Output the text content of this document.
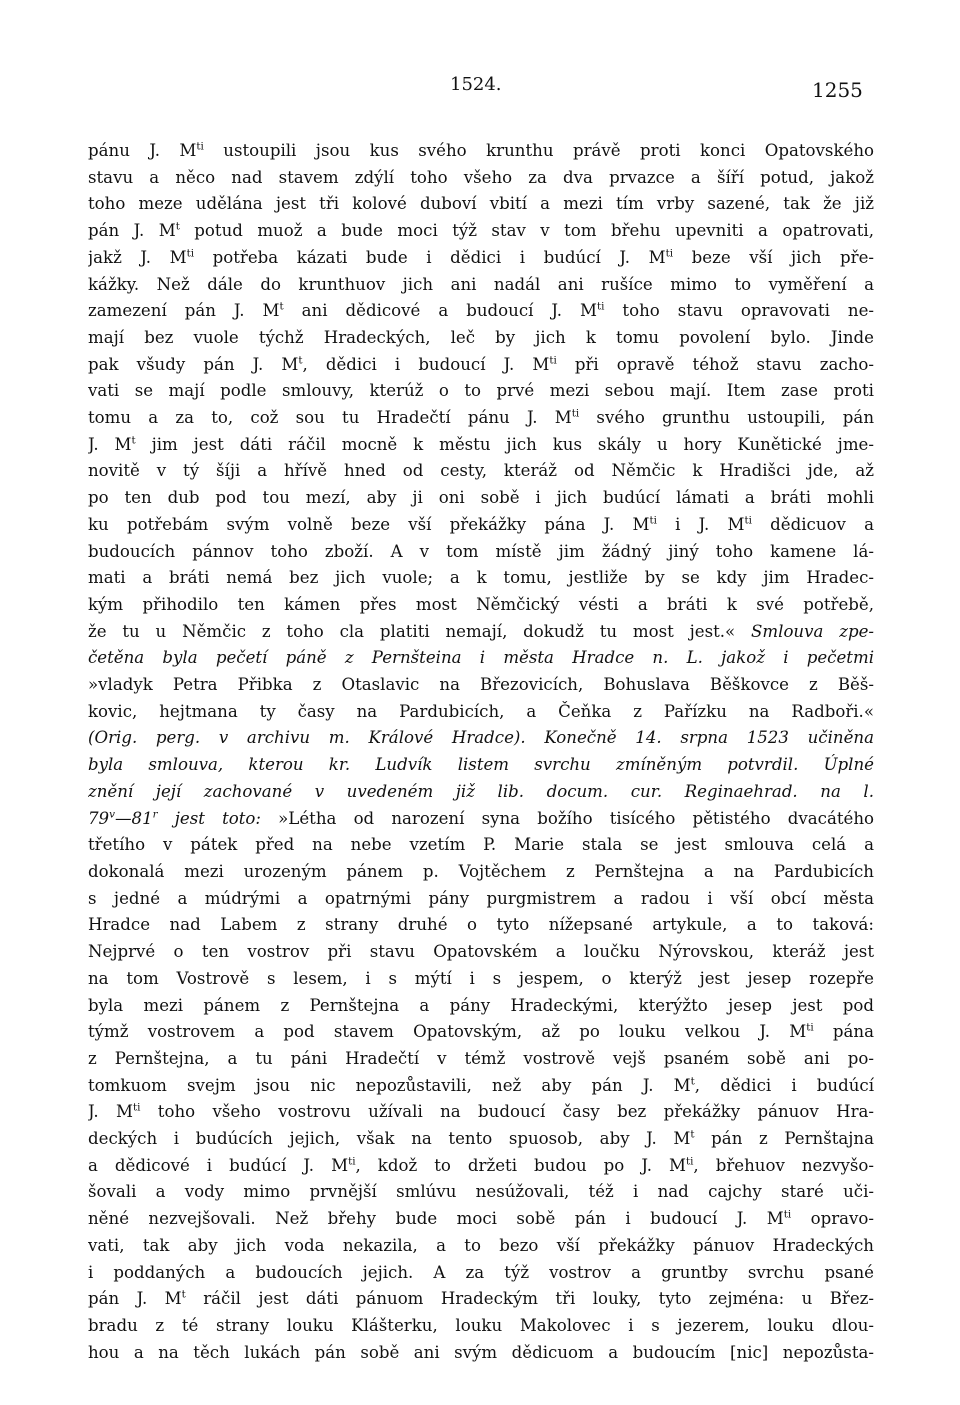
1524.	1255
pánu J. $M^{ti}$ ustoupili jsou kus svého krunthu právě proti konci Opatovského
stavu a něco nad stavem zdýlí toho všeho za dva prvazce a šíří potud, jakož
toho meze udělána jest tři kolové duboví vbití a mezi tím vrby sazené, tak že již
pán J. $M^t$ potud muož a bude moci týž stav v tom břehu upevniti a opatrovati,
jakž J. $M^{ti}$ potřeba kázati bude i dědici i budúcí J. $M^{ti}$ beze vší jich pře-
kážky. Než dále do krunthuov jich ani nadál ani rušíce mimo to vyměření a
zamezení pán J. $M^t$ ani dědicové a budoucí J. $M^{ti}$ toho stavu opravovati ne-
mají bez vuole týchž Hradeckých, leč by jich k tomu povolení bylo. Jinde
pak všudy pán J. $M^t$, dědici i budoucí J. $M^{ti}$ při opravě téhož stavu zacho-
vati se mají podle smlouvy, kterúž o to prvé mezi sebou mají. Item zase proti
tomu a za to, což sou tu Hradečtí pánu J. $M^{ti}$ svého grunthu ustoupili, pán
J. $M^t$ jim jest dáti ráčil mocně k městu jich kus skály u hory Kunětické jme-
novitě v tý šíji a hřívě hned od cesty, kteráž od Němčic k Hradišci jde, až
po ten dub pod tou mezí, aby ji oni sobě i jich budúcí lámati a bráti mohli
ku potřebám svým volně beze vší překážky pána J. $M^{ti}$ i J. $M^{ti}$ dědicuov a
budoucích pánnov toho zboží. A v tom místě jim žádný jiný toho kamene lá-
mati a bráti nemá bez jich vuole; a k tomu, jestliže by se kdy jim Hradec-
kým přihodilo ten kámen přes most Němčický vésti a bráti k své potřebě,
že tu u Němčic z toho cla platiti nemají, dokudž tu most jest.« Smlouva zpe-
četěna byla pečetí páně z Pernšteina i města Hradce n. L. jakož i pečetmi
»vladyk Petra Přibka z Otaslavic na Březovicích, Bohuslava Běškovce z Běš-
kovic, hejtmana ty časy na Pardubicích, a Čeňka z Pařízku na Radboři.«
(Orig. perg. v archivu m. Králové Hradce). Konečně 14. srpna 1523 učiněna
byla smlouva, kterou kr. Ludvík listem svrchu zmíněným potvrdil. Úplné
znění její zachované v uvedeném již lib. docum. cur. Reginaehrad. na l.
79$^v$—81$^r$ jest toto: »Létha od narození syna božího tisícého pětistého dvacátého
třetího v pátek před na nebe vzetím P. Marie stala se jest smlouva celá a
dokonalá mezi urozeným pánem p. Vojtěchem z Pernštejna a na Pardubicích
s jedné a múdrými a opatrnými pány purgmistrem a radou i vší obcí města
Hradce nad Labem z strany druhé o tyto nížepsané artykule, a to taková:
Nejprvé o ten vostrov při stavu Opatovském a loučku Nýrovskou, kteráž jest
na tom Vostrově s lesem, i s mýtí i s jespem, o kterýž jest jesep rozepře
byla mezi pánem z Pernštejna a pány Hradeckými, kterýžto jesep jest pod
týmž vostrovem a pod stavem Opatovským, až po louku velkou J. $M^{ti}$ pána
z Pernštejna, a tu páni Hradečtí v témž vostrově vejš psaném sobě ani po-
tomkuom svejm jsou nic nepozůstavili, než aby pán J. $M^t$, dědici i budúcí
J. $M^{ti}$ toho všeho vostrovu užívali na budoucí časy bez překážky pánuov Hra-
deckých i budúcích jejich, však na tento spuosob, aby J. $M^t$ pán z Pernštajna
a dědicové i budúcí J. $M^{ti}$, kdož to držeti budou po J. $M^{ti}$, břehuov nezvyšo-
šovali a vody mimo prvnější smlúvu nesúžovali, též i nad cajchy staré uči-
něné nezvejšovali. Než břehy bude moci sobě pán i budoucí J. $M^{ti}$ opravo-
vati, tak aby jich voda nekazila, a to bezo vší překážky pánuov Hradeckých
i poddaných a budoucích jejich. A za týž vostrov a gruntby svrchu psané
pán J. $M^t$ ráčil jest dáti pánuom Hradeckým tři louky, tyto zejména: u Břez-
bradu z té strany louku Klášterku, louku Makolovec i s jezerem, louku dlou-
hou a na těch lukách pán sobě ani svým dědicuom a budoucím [nic] nepozůsta-
